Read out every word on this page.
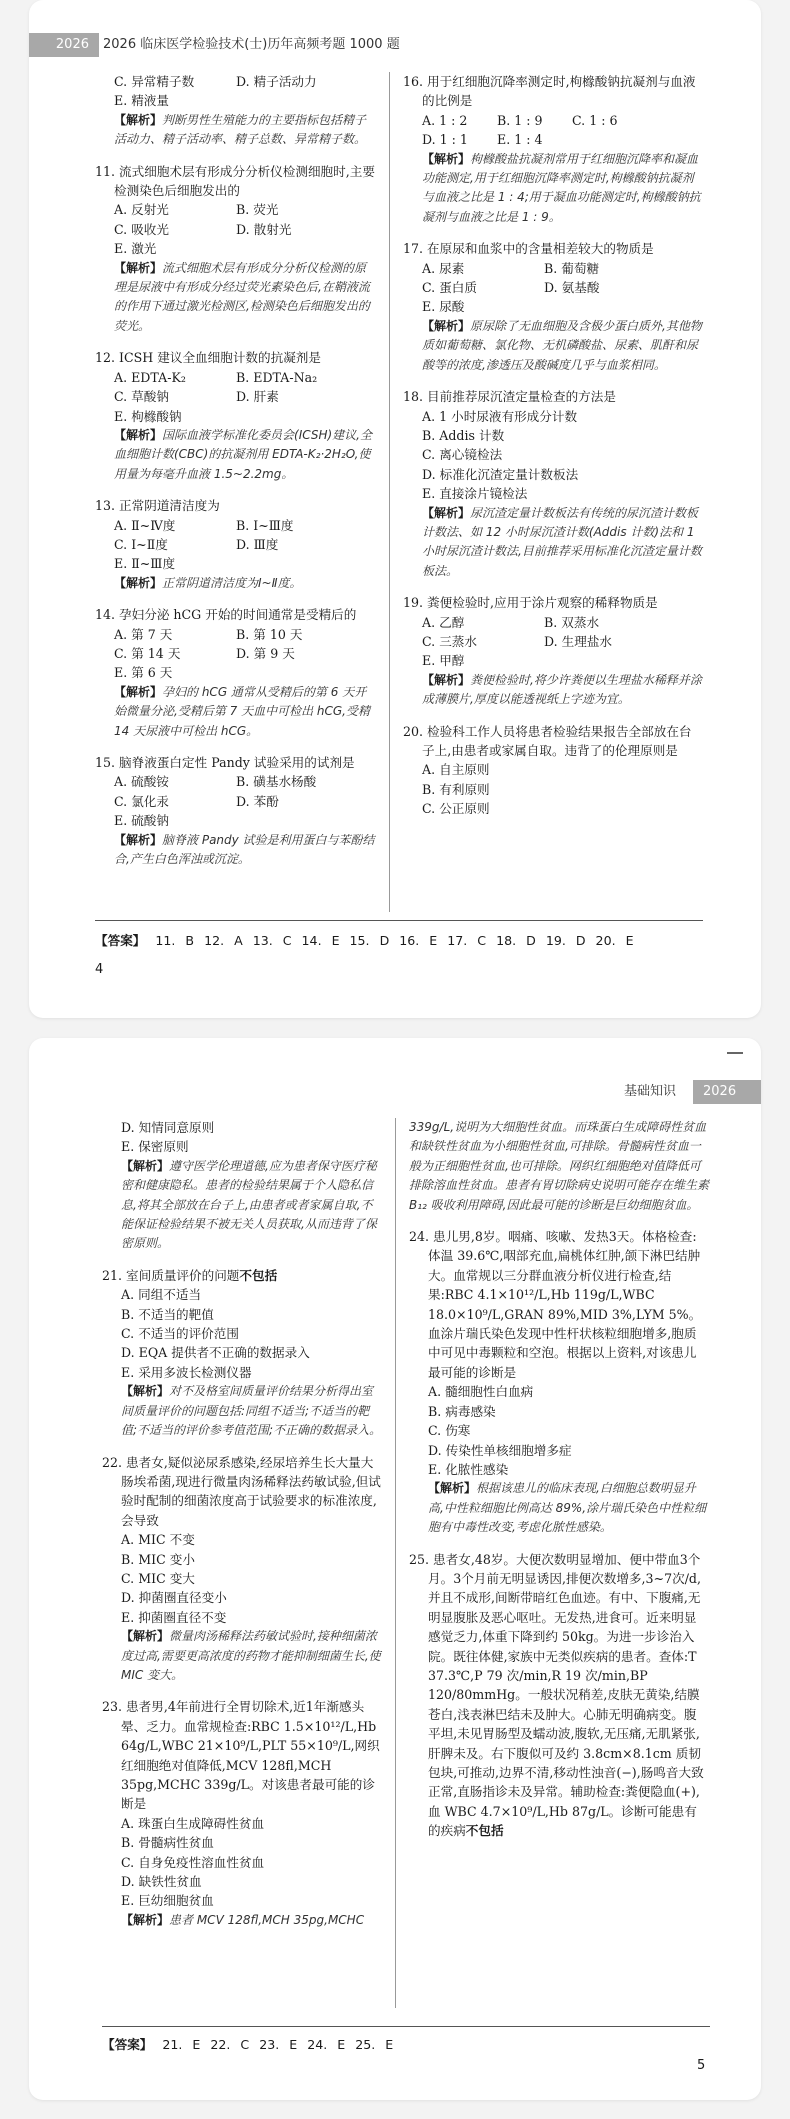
2026	2026 临床医学检验技术(士)历年高频考题 1000 题
C. 异常精子数	D. 精子活动力
E. 精液量
【解析】判断男性生殖能力的主要指标包括精子活动力、精子活动率、精子总数、异常精子数。
11. 流式细胞术层有形成分分析仪检测细胞时,主要检测染色后细胞发出的
A. 反射光	B. 荧光
C. 吸收光	D. 散射光
E. 激光
【解析】流式细胞术层有形成分分析仪检测的原理是尿液中有形成分经过荧光素染色后,在鞘液流的作用下通过激光检测区,检测染色后细胞发出的荧光。
12. ICSH 建议全血细胞计数的抗凝剂是
A. EDTA-K₂	B. EDTA-Na₂
C. 草酸钠	D. 肝素
E. 枸橼酸钠
【解析】国际血液学标准化委员会(ICSH)建议,全血细胞计数(CBC)的抗凝剂用 EDTA-K₂·2H₂O,使用量为每毫升血液 1.5~2.2mg。
13. 正常阴道清洁度为
A. Ⅱ~Ⅳ度	B. Ⅰ~Ⅲ度
C. Ⅰ~Ⅱ度	D. Ⅲ度
E. Ⅱ~Ⅲ度
【解析】正常阴道清洁度为Ⅰ~Ⅱ度。
14. 孕妇分泌 hCG 开始的时间通常是受精后的
A. 第 7 天	B. 第 10 天
C. 第 14 天	D. 第 9 天
E. 第 6 天
【解析】孕妇的 hCG 通常从受精后的第 6 天开始微量分泌,受精后第 7 天血中可检出 hCG,受精 14 天尿液中可检出 hCG。
15. 脑脊液蛋白定性 Pandy 试验采用的试剂是
A. 硫酸铵	B. 磺基水杨酸
C. 氯化汞	D. 苯酚
E. 硫酸钠
【解析】脑脊液 Pandy 试验是利用蛋白与苯酚结合,产生白色浑浊或沉淀。
16. 用于红细胞沉降率测定时,枸橼酸钠抗凝剂与血液的比例是
A. 1 : 2	B. 1 : 9	C. 1 : 6
D. 1 : 1	E. 1 : 4
【解析】枸橼酸盐抗凝剂常用于红细胞沉降率和凝血功能测定,用于红细胞沉降率测定时,枸橼酸钠抗凝剂与血液之比是 1 : 4;用于凝血功能测定时,枸橼酸钠抗凝剂与血液之比是 1 : 9。
17. 在原尿和血浆中的含量相差较大的物质是
A. 尿素	B. 葡萄糖
C. 蛋白质	D. 氨基酸
E. 尿酸
【解析】原尿除了无血细胞及含极少蛋白质外,其他物质如葡萄糖、氯化物、无机磷酸盐、尿素、肌酐和尿酸等的浓度,渗透压及酸碱度几乎与血浆相同。
18. 目前推荐尿沉渣定量检查的方法是
A. 1 小时尿液有形成分计数
B. Addis 计数
C. 离心镜检法
D. 标准化沉渣定量计数板法
E. 直接涂片镜检法
【解析】尿沉渣定量计数板法有传统的尿沉渣计数板计数法、如 12 小时尿沉渣计数(Addis 计数)法和 1 小时尿沉渣计数法,目前推荐采用标准化沉渣定量计数板法。
19. 粪便检验时,应用于涂片观察的稀释物质是
A. 乙醇	B. 双蒸水
C. 三蒸水	D. 生理盐水
E. 甲醇
【解析】粪便检验时,将少许粪便以生理盐水稀释并涂成薄膜片,厚度以能透视纸上字迹为宜。
20. 检验科工作人员将患者检验结果报告全部放在台子上,由患者或家属自取。违背了的伦理原则是
A. 自主原则
B. 有利原则
C. 公正原则
【答案】 11. B 12. A 13. C 14. E 15. D 16. E 17. C 18. D 19. D 20. E
4
基础知识	2026
D. 知情同意原则
E. 保密原则
【解析】遵守医学伦理道德,应为患者保守医疗秘密和健康隐私。患者的检验结果属于个人隐私信息,将其全部放在台子上,由患者或者家属自取,不能保证检验结果不被无关人员获取,从而违背了保密原则。
21. 室间质量评价的问题不包括
A. 同组不适当
B. 不适当的靶值
C. 不适当的评价范围
D. EQA 提供者不正确的数据录入
E. 采用多波长检测仪器
【解析】对不及格室间质量评价结果分析得出室间质量评价的问题包括:同组不适当;不适当的靶值;不适当的评价参考值范围;不正确的数据录入。
22. 患者女,疑似泌尿系感染,经尿培养生长大量大肠埃希菌,现进行微量肉汤稀释法药敏试验,但试验时配制的细菌浓度高于试验要求的标准浓度,会导致
A. MIC 不变
B. MIC 变小
C. MIC 变大
D. 抑菌圈直径变小
E. 抑菌圈直径不变
【解析】微量肉汤稀释法药敏试验时,接种细菌浓度过高,需要更高浓度的药物才能抑制细菌生长,使 MIC 变大。
23. 患者男,4年前进行全胃切除术,近1年渐感头晕、乏力。血常规检查:RBC 1.5×10¹²/L,Hb 64g/L,WBC 21×10⁹/L,PLT 55×10⁹/L,网织红细胞绝对值降低,MCV 128fl,MCH 35pg,MCHC 339g/L。对该患者最可能的诊断是
A. 珠蛋白生成障碍性贫血
B. 骨髓病性贫血
C. 自身免疫性溶血性贫血
D. 缺铁性贫血
E. 巨幼细胞贫血
【解析】患者 MCV 128fl,MCH 35pg,MCHC
339g/L,说明为大细胞性贫血。而珠蛋白生成障碍性贫血和缺铁性贫血为小细胞性贫血,可排除。骨髓病性贫血一般为正细胞性贫血,也可排除。网织红细胞绝对值降低可排除溶血性贫血。患者有胃切除病史说明可能存在维生素 B₁₂ 吸收利用障碍,因此最可能的诊断是巨幼细胞贫血。
24. 患儿男,8岁。咽痛、咳嗽、发热3天。体格检查:体温 39.6℃,咽部充血,扁桃体红肿,颌下淋巴结肿大。血常规以三分群血液分析仪进行检查,结果:RBC 4.1×10¹²/L,Hb 119g/L,WBC 18.0×10⁹/L,GRAN 89%,MID 3%,LYM 5%。血涂片瑞氏染色发现中性杆状核粒细胞增多,胞质中可见中毒颗粒和空泡。根据以上资料,对该患儿最可能的诊断是
A. 髓细胞性白血病
B. 病毒感染
C. 伤寒
D. 传染性单核细胞增多症
E. 化脓性感染
【解析】根据该患儿的临床表现,白细胞总数明显升高,中性粒细胞比例高达 89%,涂片瑞氏染色中性粒细胞有中毒性改变,考虑化脓性感染。
25. 患者女,48岁。大便次数明显增加、便中带血3个月。3个月前无明显诱因,排便次数增多,3~7次/d,并且不成形,间断带暗红色血迹。有中、下腹痛,无明显腹胀及恶心呕吐。无发热,进食可。近来明显感觉乏力,体重下降到约 50kg。为进一步诊治入院。既往体健,家族中无类似疾病的患者。查体:T 37.3℃,P 79 次/min,R 19 次/min,BP 120/80mmHg。一般状况稍差,皮肤无黄染,结膜苍白,浅表淋巴结未及肿大。心肺无明确病变。腹平坦,未见胃肠型及蠕动波,腹软,无压痛,无肌紧张,肝脾未及。右下腹似可及约 3.8cm×8.1cm 质韧包块,可推动,边界不清,移动性浊音(−),肠鸣音大致正常,直肠指诊未及异常。辅助检查:粪便隐血(+),血 WBC 4.7×10⁹/L,Hb 87g/L。诊断可能患有的疾病不包括
【答案】 21. E 22. C 23. E 24. E 25. E
5
